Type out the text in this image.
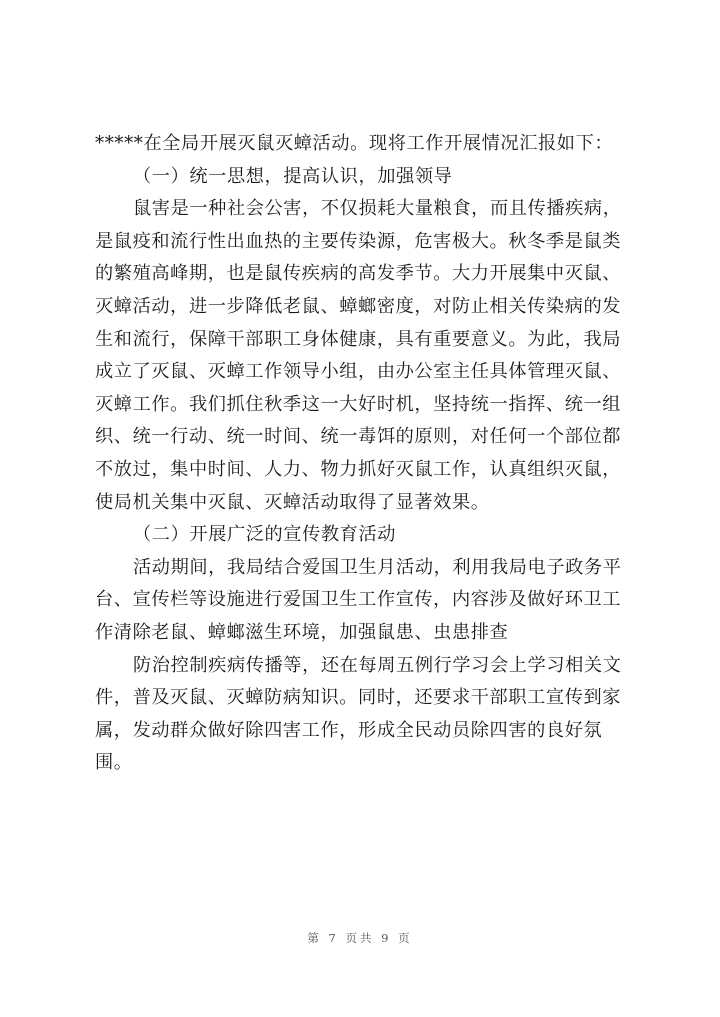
*****在全局开展灭鼠灭蟑活动。现将工作开展情况汇报如下：

（一）统一思想，提高认识，加强领导

鼠害是一种社会公害，不仅损耗大量粮食，而且传播疾病，

是鼠疫和流行性出血热的主要传染源，危害极大。秋冬季是鼠类

的繁殖高峰期，也是鼠传疾病的高发季节。大力开展集中灭鼠、

灭蟑活动，进一步降低老鼠、蟑螂密度，对防止相关传染病的发

生和流行，保障干部职工身体健康，具有重要意义。为此，我局

成立了灭鼠、灭蟑工作领导小组，由办公室主任具体管理灭鼠、

灭蟑工作。我们抓住秋季这一大好时机，坚持统一指挥、统一组

织、统一行动、统一时间、统一毒饵的原则，对任何一个部位都

不放过，集中时间、人力、物力抓好灭鼠工作，认真组织灭鼠，

使局机关集中灭鼠、灭蟑活动取得了显著效果。

（二）开展广泛的宣传教育活动

活动期间，我局结合爱国卫生月活动，利用我局电子政务平

台、宣传栏等设施进行爱国卫生工作宣传，内容涉及做好环卫工

作清除老鼠、蟑螂滋生环境，加强鼠患、虫患排查

防治控制疾病传播等，还在每周五例行学习会上学习相关文

件，普及灭鼠、灭蟑防病知识。同时，还要求干部职工宣传到家

属，发动群众做好除四害工作，形成全民动员除四害的良好氛

围。

第 7 页共 9 页
